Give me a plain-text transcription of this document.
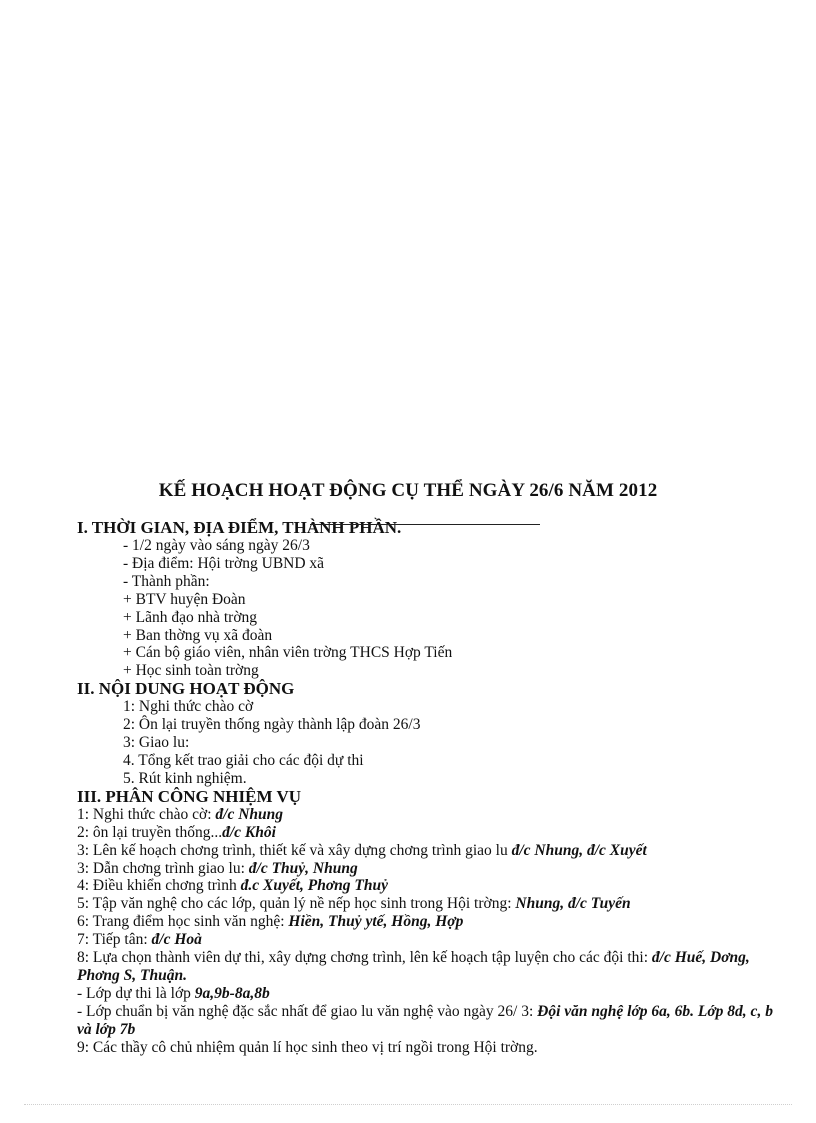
KẾ HOẠCH HOẠT ĐỘNG CỤ THỂ NGÀY 26/6 NĂM 2012
I. THỜI GIAN, ĐỊA ĐIỂM, THÀNH PHẦN.
- 1/2 ngày vào sáng ngày 26/3
- Địa điểm: Hội trờng UBND xã
- Thành phần:
+ BTV huyện Đoàn
+ Lãnh đạo nhà trờng
+ Ban thờng vụ xã đoàn
+ Cán bộ giáo viên, nhân viên trờng THCS Hợp Tiến
+ Học sinh toàn trờng
II. NỘI DUNG HOẠT ĐỘNG
1: Nghi thức chào cờ
2: Ôn lại truyền thống ngày thành lập đoàn 26/3
3: Giao lu:
4. Tổng kết trao giải cho các đội dự thi
5. Rút kinh nghiệm.
III. PHÂN CÔNG NHIỆM VỤ
1: Nghi thức chào cờ: đ/c Nhung
2: ôn lại truyền thống...đ/c Khôi
3: Lên kế hoạch chơng trình, thiết kế và xây dựng chơng trình giao lu đ/c Nhung, đ/c Xuyết
3: Dẫn chơng trình giao lu: đ/c Thuỷ, Nhung
4: Điều khiển chơng trình đ.c Xuyết, Phơng Thuỷ
5: Tập văn nghệ cho các lớp, quản lý nề nếp học sinh trong Hội trờng: Nhung, đ/c Tuyến
6: Trang điểm học sinh văn nghệ: Hiền, Thuỷ ytế, Hồng, Hợp
7: Tiếp tân: đ/c Hoà
8: Lựa chọn thành viên dự thi, xây dựng chơng trình, lên kế hoạch tập luyện cho các đội thi: đ/c Huế, Dơng, Phơng S, Thuận.
- Lớp dự thi là lớp 9a,9b-8a,8b
- Lớp chuẩn bị văn nghệ đặc sắc nhất để giao lu văn nghệ vào ngày 26/ 3: Đội văn nghệ lớp 6a, 6b. Lớp 8d, c, b và lớp 7b
9: Các thầy cô chủ nhiệm quản lí học sinh theo vị trí ngồi trong Hội trờng.
